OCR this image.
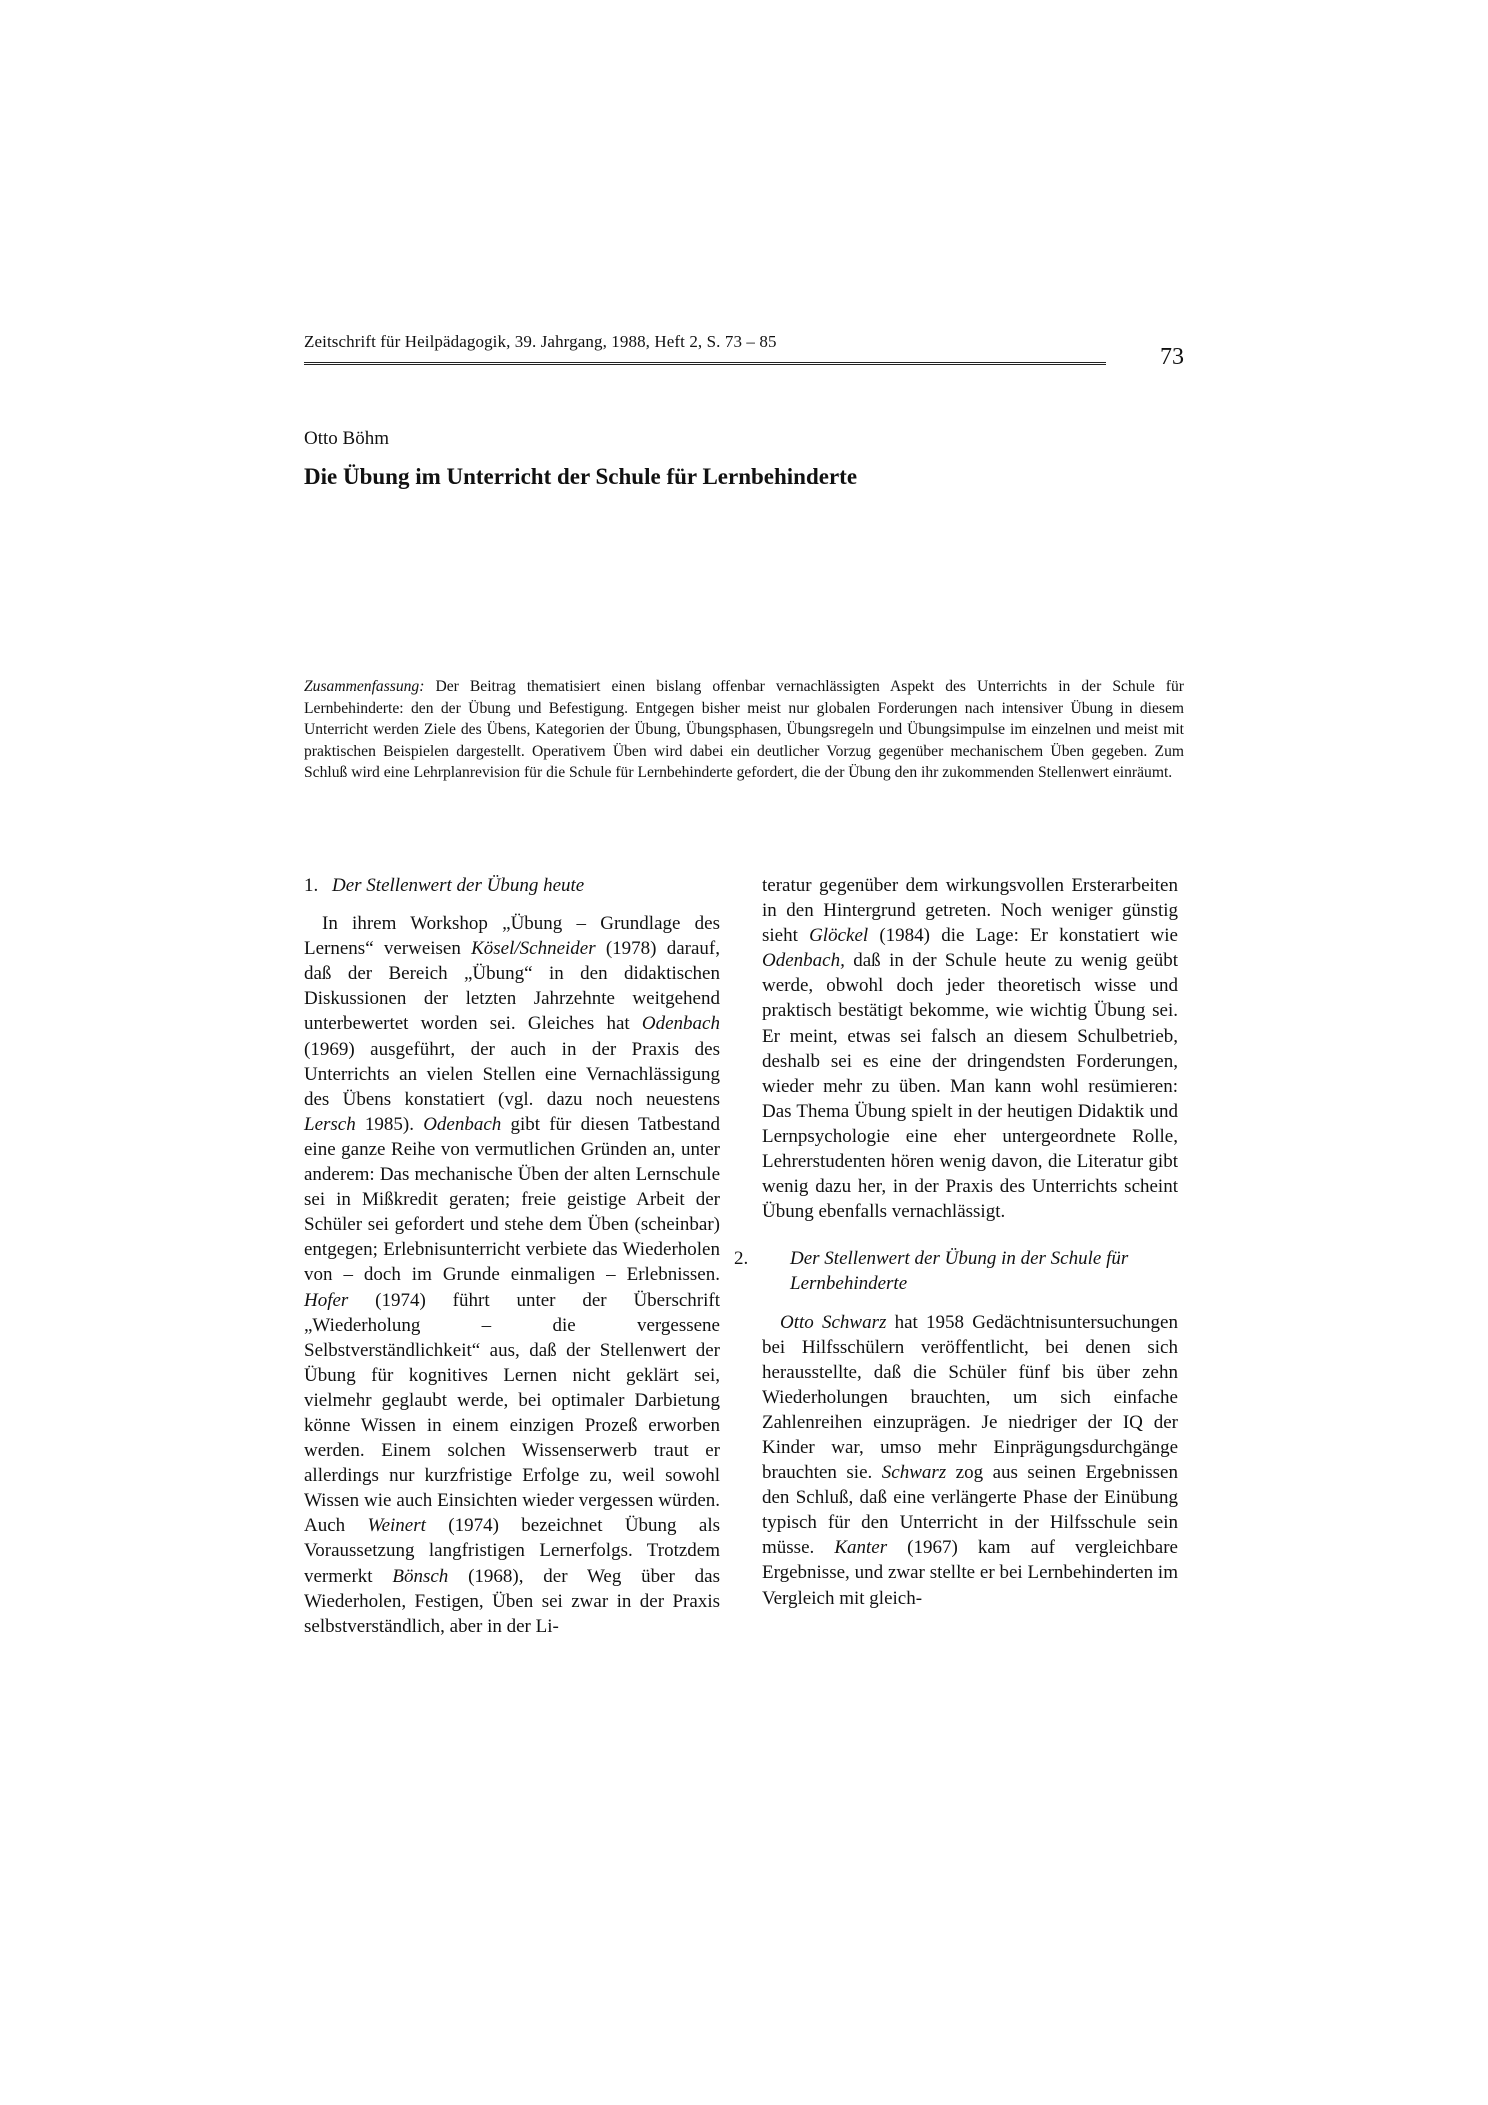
Zeitschrift für Heilpädagogik, 39. Jahrgang, 1988, Heft 2, S. 73 – 85
73
Otto Böhm
Die Übung im Unterricht der Schule für Lernbehinderte
Zusammenfassung: Der Beitrag thematisiert einen bislang offenbar vernachlässigten Aspekt des Unterrichts in der Schule für Lernbehinderte: den der Übung und Befestigung. Entgegen bisher meist nur globalen Forderungen nach intensiver Übung in diesem Unterricht werden Ziele des Übens, Kategorien der Übung, Übungsphasen, Übungsregeln und Übungsimpulse im einzelnen und meist mit praktischen Beispielen dargestellt. Operativem Üben wird dabei ein deutlicher Vorzug gegenüber mechanischem Üben gegeben. Zum Schluß wird eine Lehrplanrevision für die Schule für Lernbehinderte gefordert, die der Übung den ihr zukommenden Stellenwert einräumt.
1. Der Stellenwert der Übung heute

In ihrem Workshop „Übung – Grundlage des Lernens“ verweisen Kösel/Schneider (1978) darauf, daß der Bereich „Übung“ in den didaktischen Diskussionen der letzten Jahrzehnte weitgehend unterbewertet worden sei. Gleiches hat Odenbach (1969) ausgeführt, der auch in der Praxis des Unterrichts an vielen Stellen eine Vernachlässigung des Übens konstatiert (vgl. dazu noch neuestens Lersch 1985). Odenbach gibt für diesen Tatbestand eine ganze Reihe von vermutlichen Gründen an, unter anderem: Das mechanische Üben der alten Lernschule sei in Mißkredit geraten; freie geistige Arbeit der Schüler sei gefordert und stehe dem Üben (scheinbar) entgegen; Erlebnisunterricht verbiete das Wiederholen von – doch im Grunde einmaligen – Erlebnissen. Hofer (1974) führt unter der Überschrift „Wiederholung – die vergessene Selbstverständlichkeit“ aus, daß der Stellenwert der Übung für kognitives Lernen nicht geklärt sei, vielmehr geglaubt werde, bei optimaler Darbietung könne Wissen in einem einzigen Prozeß erworben werden. Einem solchen Wissenserwerb traut er allerdings nur kurzfristige Erfolge zu, weil sowohl Wissen wie auch Einsichten wieder vergessen würden. Auch Weinert (1974) bezeichnet Übung als Voraussetzung langfristigen Lernerfolgs. Trotzdem vermerkt Bönsch (1968), der Weg über das Wiederholen, Festigen, Üben sei zwar in der Praxis selbstverständlich, aber in der Li-

teratur gegenüber dem wirkungsvollen Ersterarbeiten in den Hintergrund getreten. Noch weniger günstig sieht Glöckel (1984) die Lage: Er konstatiert wie Odenbach, daß in der Schule heute zu wenig geübt werde, obwohl doch jeder theoretisch wisse und praktisch bestätigt bekomme, wie wichtig Übung sei. Er meint, etwas sei falsch an diesem Schulbetrieb, deshalb sei es eine der dringendsten Forderungen, wieder mehr zu üben. Man kann wohl resümieren: Das Thema Übung spielt in der heutigen Didaktik und Lernpsychologie eine eher untergeordnete Rolle, Lehrerstudenten hören wenig davon, die Literatur gibt wenig dazu her, in der Praxis des Unterrichts scheint Übung ebenfalls vernachlässigt.

2. Der Stellenwert der Übung in der Schule für Lernbehinderte

Otto Schwarz hat 1958 Gedächtnisuntersuchungen bei Hilfsschülern veröffentlicht, bei denen sich herausstellte, daß die Schüler fünf bis über zehn Wiederholungen brauchten, um sich einfache Zahlenreihen einzuprägen. Je niedriger der IQ der Kinder war, umso mehr Einprägungsdurchgänge brauchten sie. Schwarz zog aus seinen Ergebnissen den Schluß, daß eine verlängerte Phase der Einübung typisch für den Unterricht in der Hilfsschule sein müsse. Kanter (1967) kam auf vergleichbare Ergebnisse, und zwar stellte er bei Lernbehinderten im Vergleich mit gleich-
